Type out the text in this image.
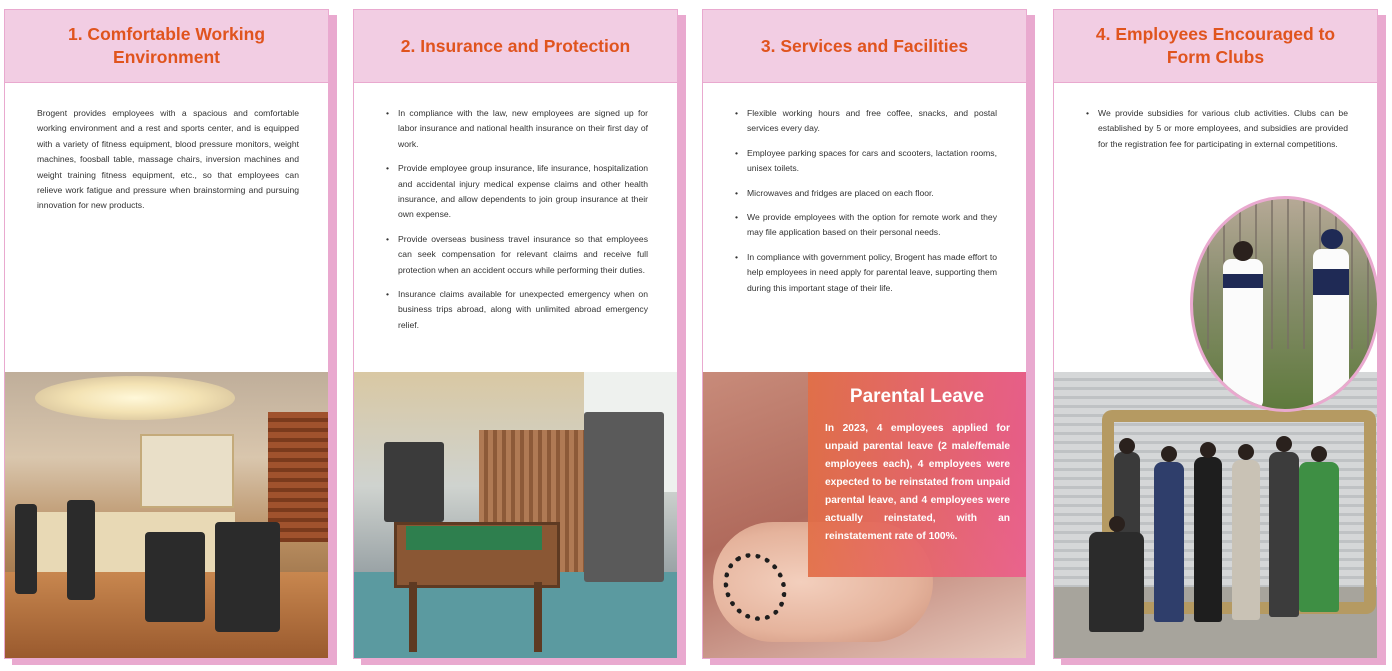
1. Comfortable Working Environment
Brogent provides employees with a spacious and comfortable working environment and a rest and sports center, and is equipped with a variety of fitness equipment, blood pressure monitors, weight machines, foosball table, massage chairs, inversion machines and weight training fitness equipment, etc., so that employees can relieve work fatigue and pressure when brainstorming and pursuing innovation for new products.
2. Insurance and Protection
• In compliance with the law, new employees are signed up for labor insurance and national health insurance on their first day of work.
• Provide employee group insurance, life insurance, hospitalization and accidental injury medical expense claims and other health insurance, and allow dependents to join group insurance at their own expense.
• Provide overseas business travel insurance so that employees can seek compensation for relevant claims and receive full protection when an accident occurs while performing their duties.
• Insurance claims available for unexpected emergency when on business trips abroad, along with unlimited abroad emergency relief.
3. Services and Facilities
• Flexible working hours and free coffee, snacks, and postal services every day.
• Employee parking spaces for cars and scooters, lactation rooms, unisex toilets.
• Microwaves and fridges are placed on each floor.
• We provide employees with the option for remote work and they may file application based on their personal needs.
• In compliance with government policy, Brogent has made effort to help employees in need apply for parental leave, supporting them during this important stage of their life.
Parental Leave

In 2023, 4 employees applied for unpaid parental leave (2 male/female employees each), 4 employees were expected to be reinstated from unpaid parental leave, and 4 employees were actually reinstated, with an reinstatement rate of 100%.

4. Employees Encouraged to Form Clubs
• We provide subsidies for various club activities. Clubs can be established by 5 or more employees, and subsidies are provided for the registration fee for participating in external competitions.
